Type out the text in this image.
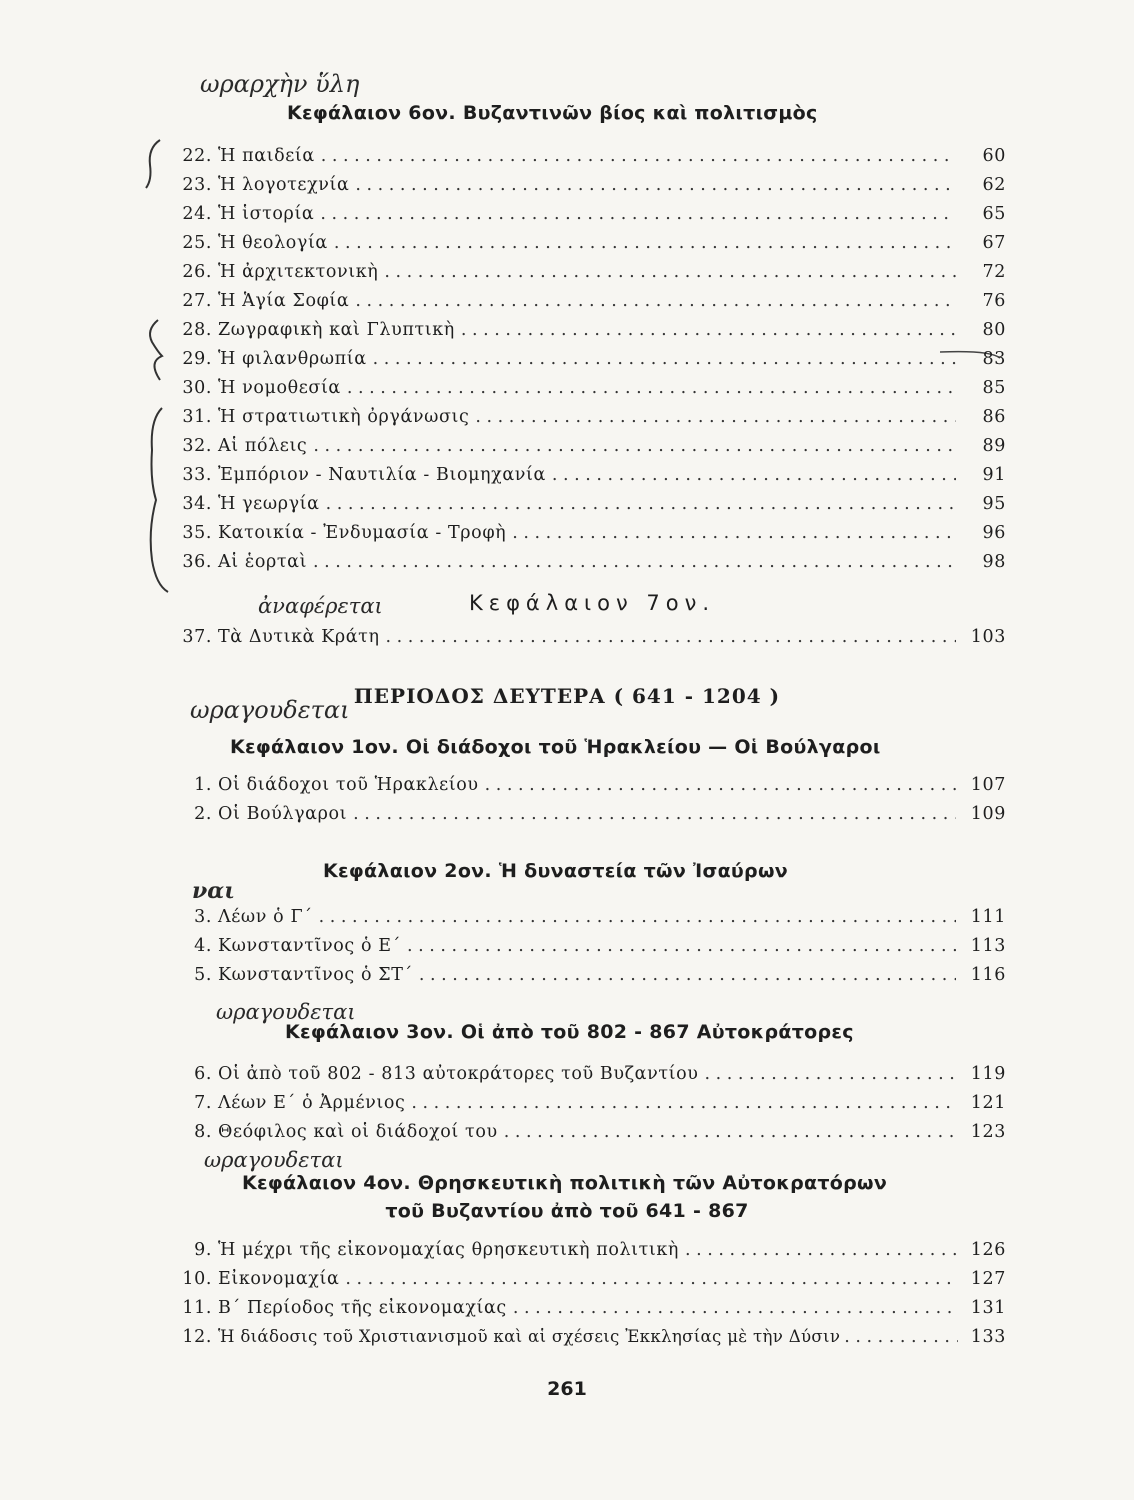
ωραρχὴν ὕλη
ἀναφέρεται
ωραγουδεται
ναι
ωραγουδεται
ωραγουδεται
Κεφάλαιον 6ον. Βυζαντινῶν βίος καὶ πολιτισμὸς
22. Ἡ παιδεία . . .	60
23. Ἡ λογοτεχνία . . .	62
24. Ἡ ἱστορία . . .	65
25. Ἡ θεολογία . . .	67
26. Ἡ ἀρχιτεκτονικὴ . . .	72
27. Ἡ Ἁγία Σοφία . . .	76
28. Ζωγραφικὴ καὶ Γλυπτικὴ . . .	80
29. Ἡ φιλανθρωπία . . .	83
30. Ἡ νομοθεσία . . .	85
31. Ἡ στρατιωτικὴ ὀργάνωσις . . .	86
32. Αἱ πόλεις . . .	89
33. Ἐμπόριον - Ναυτιλία - Βιομηχανία . . .	91
34. Ἡ γεωργία . . .	95
35. Κατοικία - Ἐνδυμασία - Τροφὴ . . .	96
36. Αἱ ἑορταὶ . . .	98
Κεφάλαιον 7ον.
37. Τὰ Δυτικὰ Κράτη . . .	103
ΠΕΡΙΟΔΟΣ ΔΕΥΤΕΡΑ ( 641 - 1204 )
Κεφάλαιον 1ον. Οἱ διάδοχοι τοῦ Ἡρακλείου — Οἱ Βούλγαροι
1. Οἱ διάδοχοι τοῦ Ἡρακλείου . . .	107
2. Οἱ Βούλγαροι . . .	109
Κεφάλαιον 2ον. Ἡ δυναστεία τῶν Ἰσαύρων
3. Λέων ὁ Γ΄ . . .	111
4. Κωνσταντῖνος ὁ Ε΄ . . .	113
5. Κωνσταντῖνος ὁ ΣΤ΄ . . .	116
Κεφάλαιον 3ον. Οἱ ἀπὸ τοῦ 802 - 867 Αὐτοκράτορες
6. Οἱ ἀπὸ τοῦ 802 - 813 αὐτοκράτορες τοῦ Βυζαντίου . . .	119
7. Λέων Ε΄ ὁ Ἀρμένιος . . .	121
8. Θεόφιλος καὶ οἱ διάδοχοί του . . .	123
Κεφάλαιον 4ον. Θρησκευτικὴ πολιτικὴ τῶν Αὐτοκρατόρων
τοῦ Βυζαντίου ἀπὸ τοῦ 641 - 867
9. Ἡ μέχρι τῆς εἰκονομαχίας θρησκευτικὴ πολιτικὴ . . .	126
10. Εἰκονομαχία . . .	127
11. Β΄ Περίοδος τῆς εἰκονομαχίας . . .	131
12. Ἡ διάδοσις τοῦ Χριστιανισμοῦ καὶ αἱ σχέσεις Ἐκκλησίας μὲ τὴν Δύσιν . . .	133
261
